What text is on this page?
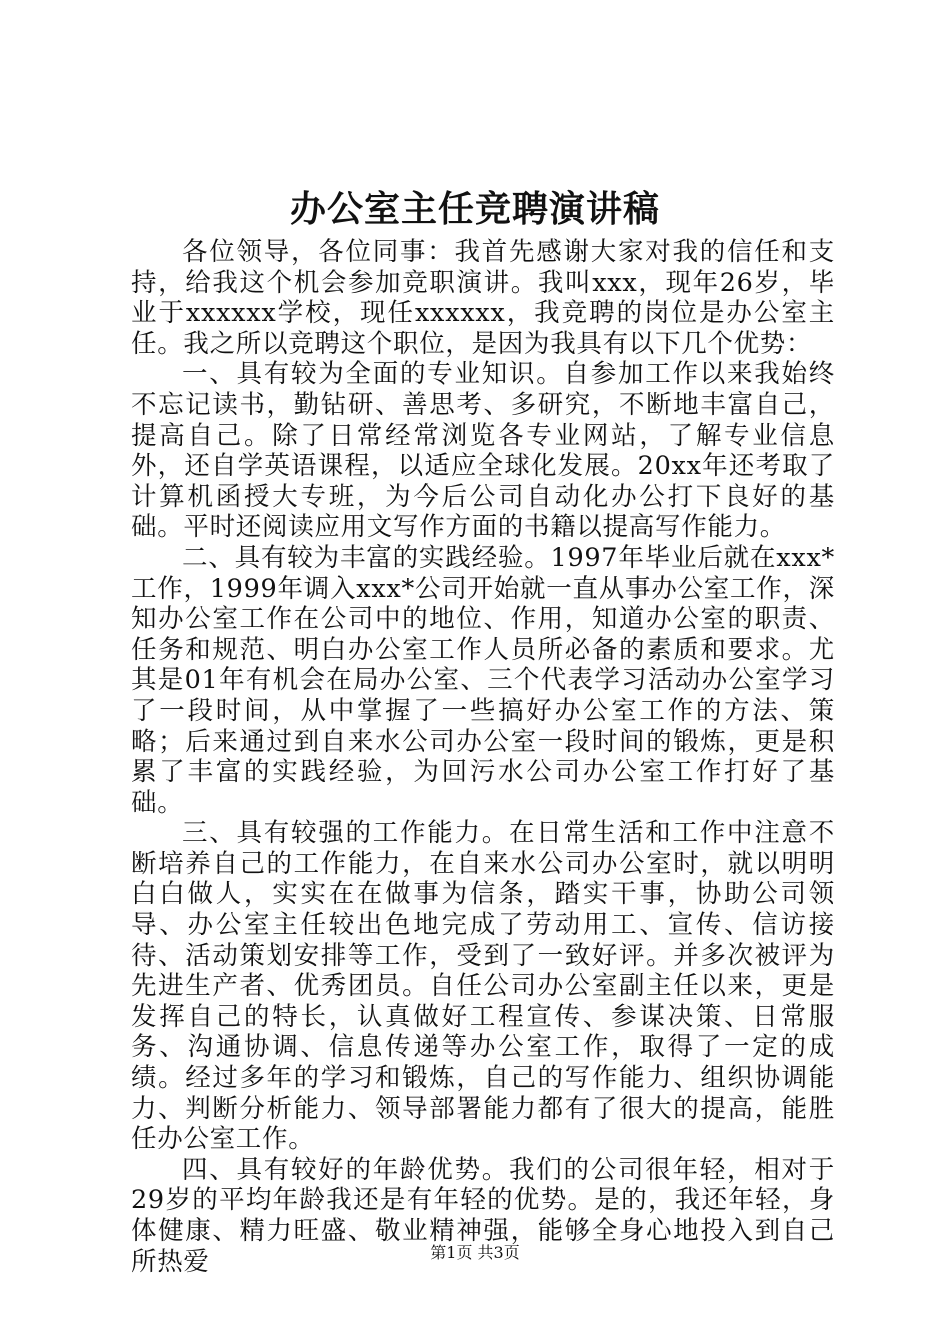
办公室主任竞聘演讲稿

各位领导，各位同事：我首先感谢大家对我的信任和支持，给我这个机会参加竞职演讲。我叫xxx，现年26岁，毕业于xxxxxx学校，现任xxxxxx，我竞聘的岗位是办公室主任。我之所以竞聘这个职位，是因为我具有以下几个优势：

一、具有较为全面的专业知识。自参加工作以来我始终不忘记读书，勤钻研、善思考、多研究，不断地丰富自己，提高自己。除了日常经常浏览各专业网站，了解专业信息外，还自学英语课程，以适应全球化发展。20xx年还考取了计算机函授大专班，为今后公司自动化办公打下良好的基础。平时还阅读应用文写作方面的书籍以提高写作能力。

二、具有较为丰富的实践经验。1997年毕业后就在xxx*工作，1999年调入xxx*公司开始就一直从事办公室工作，深知办公室工作在公司中的地位、作用，知道办公室的职责、任务和规范、明白办公室工作人员所必备的素质和要求。尤其是01年有机会在局办公室、三个代表学习活动办公室学习了一段时间，从中掌握了一些搞好办公室工作的方法、策略；后来通过到自来水公司办公室一段时间的锻炼，更是积累了丰富的实践经验，为回污水公司办公室工作打好了基础。

三、具有较强的工作能力。在日常生活和工作中注意不断培养自己的工作能力，在自来水公司办公室时，就以明明白白做人，实实在在做事为信条，踏实干事，协助公司领导、办公室主任较出色地完成了劳动用工、宣传、信访接待、活动策划安排等工作，受到了一致好评。并多次被评为先进生产者、优秀团员。自任公司办公室副主任以来，更是发挥自己的特长，认真做好工程宣传、参谋决策、日常服务、沟通协调、信息传递等办公室工作，取得了一定的成绩。经过多年的学习和锻炼，自己的写作能力、组织协调能力、判断分析能力、领导部署能力都有了很大的提高，能胜任办公室工作。

四、具有较好的年龄优势。我们的公司很年轻，相对于29岁的平均年龄我还是有年轻的优势。是的，我还年轻，身体健康、精力旺盛、敬业精神强，能够全身心地投入到自己所热爱	第1页 共3页
